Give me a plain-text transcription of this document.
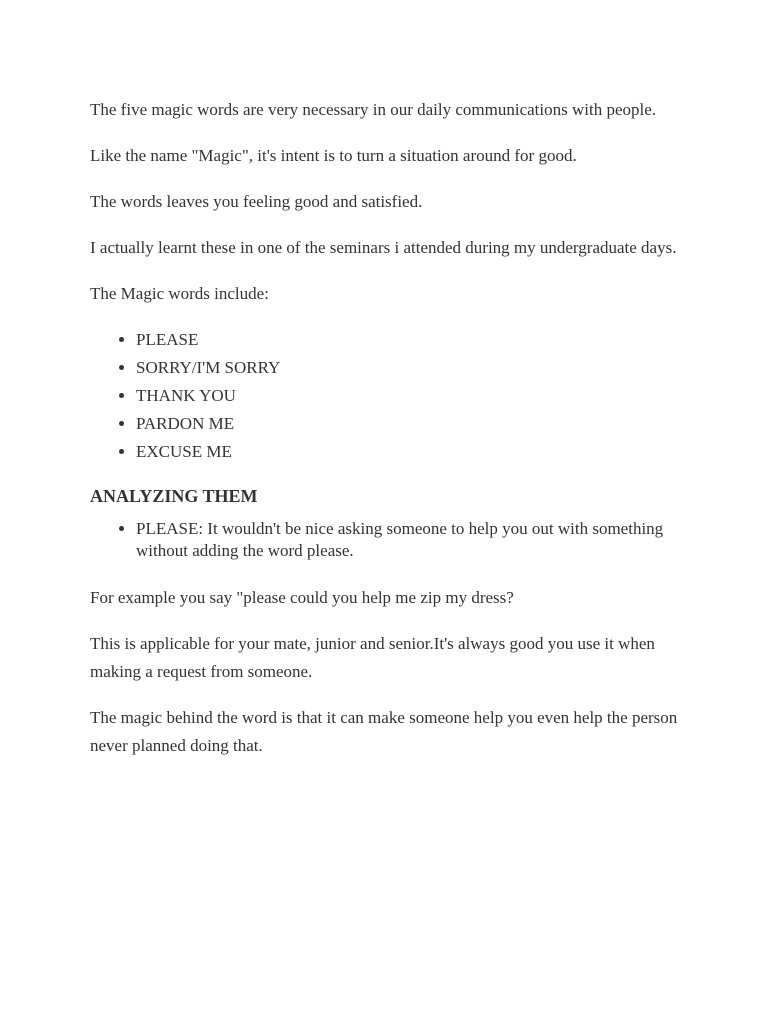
The five magic words are very necessary in our daily communications with people.

Like the name "Magic", it's intent is to turn a situation around for good.

The words leaves you feeling good and satisfied.

I actually learnt these in one of the seminars i attended during my undergraduate days.

The Magic words include:

• PLEASE
• SORRY/I'M SORRY
• THANK YOU
• PARDON ME
• EXCUSE ME
ANALYZING THEM
• PLEASE: It wouldn't be nice asking someone to help you out with something without adding the word please.

For example you say "please could you help me zip my dress?

This is applicable for your mate, junior and senior.It's always good you use it when making a request from someone.

The magic behind the word is that it can make someone help you even help the person never planned doing that.
